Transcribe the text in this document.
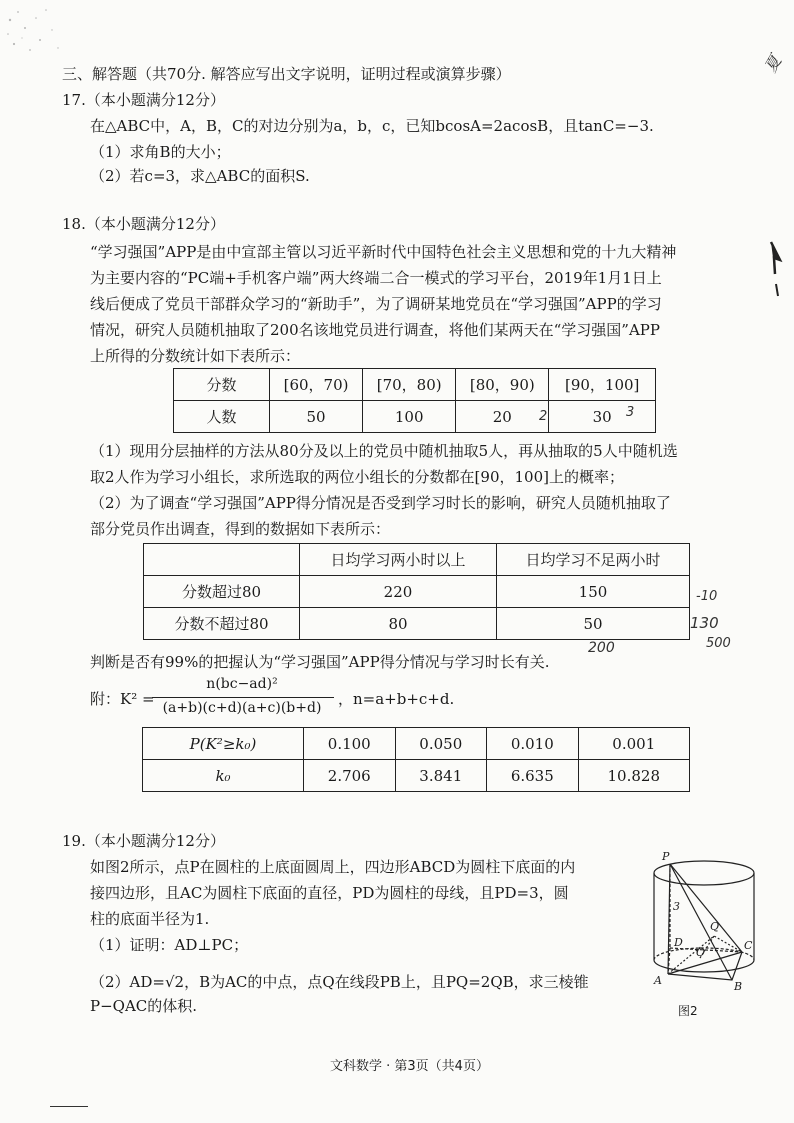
夏
三、解答题（共70分. 解答应写出文字说明，证明过程或演算步骤）
17.（本小题满分12分）
在△ABC中，A，B，C的对边分别为a，b，c，已知bcosA=2acosB，且tanC=−3.
（1）求角B的大小；
（2）若c=3，求△ABC的面积S.
18.（本小题满分12分）
“学习强国”APP是由中宣部主管以习近平新时代中国特色社会主义思想和党的十九大精神
为主要内容的“PC端+手机客户端”两大终端二合一模式的学习平台，2019年1月1日上
线后便成了党员干部群众学习的“新助手”，为了调研某地党员在“学习强国”APP的学习
情况，研究人员随机抽取了200名该地党员进行调查，将他们某两天在“学习强国”APP
上所得的分数统计如下表所示：
分数	[60，70)	[70，80)	[80，90)	[90，100]
人数	50	100	20	30
2	3
（1）现用分层抽样的方法从80分及以上的党员中随机抽取5人，再从抽取的5人中随机选
取2人作为学习小组长，求所选取的两位小组长的分数都在[90，100]上的概率；
（2）为了调查“学习强国”APP得分情况是否受到学习时长的影响，研究人员随机抽取了
部分党员作出调查，得到的数据如下表所示：
	日均学习两小时以上	日均学习不足两小时
分数超过80	220	150
分数不超过80	80	50
-10
130
500
200
判断是否有99%的把握认为“学习强国”APP得分情况与学习时长有关.
附：K² =
n(bc−ad)²
(a+b)(c+d)(a+c)(b+d)	，n=a+b+c+d.
P(K²≥k₀)	0.100	0.050	0.010	0.001
k₀	2.706	3.841	6.635	10.828
19.（本小题满分12分）
如图2所示，点P在圆柱的上底面圆周上，四边形ABCD为圆柱下底面的内
接四边形，且AC为圆柱下底面的直径，PD为圆柱的母线，且PD=3，圆
柱的底面半径为1.
（1）证明：AD⊥PC；
（2）AD=√2，B为AC的中点，点Q在线段PB上，且PQ=2QB，求三棱锥
P−QAC的体积.
P
3
Q
D
O
C
A	B
图2
文科数学 · 第3页（共4页）
